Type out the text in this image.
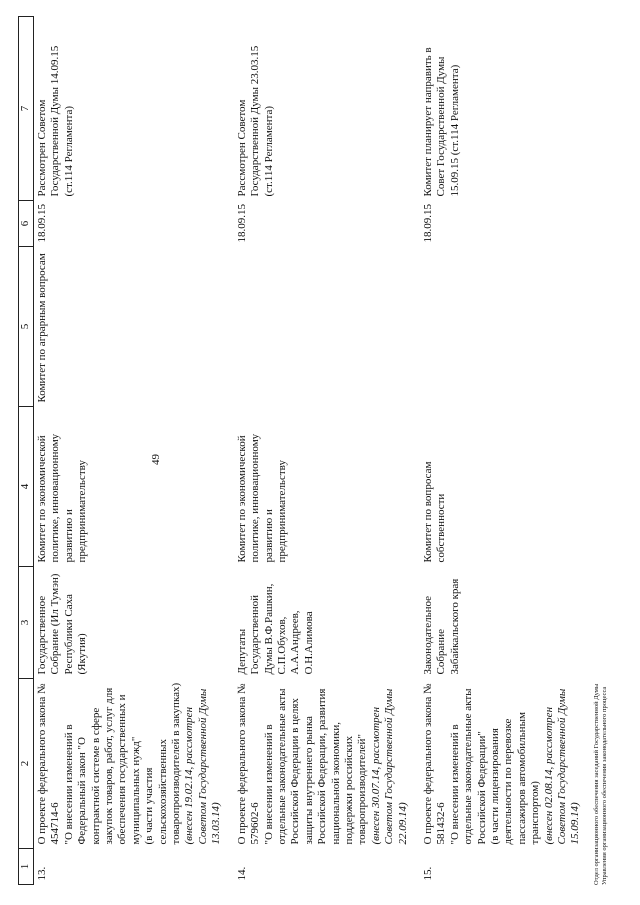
49
1	2	3	4	5	6	7
13.	О проекте федерального закона № 454714-6 "О внесении изменений в Федеральный закон "О контрактной системе в сфере закупок товаров, работ, услуг для обеспечения государственных и муниципальных нужд" (в части участия сельскохозяйственных товаропроизводителей в закупках) (внесен 19.02.14, рассмотрен Советом Государственной Думы 13.03.14)	Государственное Собрание (Ил Тумэн) Республики Саха (Якутия)	Комитет по экономической политике, инновационному развитию и предпринимательству	Комитет по аграрным вопросам	18.09.15	Рассмотрен Советом Государственной Думы 14.09.15 (ст.114 Регламента)
14.	О проекте федерального закона № 579602-6 "О внесении изменений в отдельные законодательные акты Российской Федерации в целях защиты внутреннего рынка Российской Федерации, развития национальной экономики, поддержки российских товаропроизводителей" (внесен 30.07.14, рассмотрен Советом Государственной Думы 22.09.14)	Депутаты Государственной Думы В.Ф.Рашкин, С.П.Обухов, А.А.Андреев, О.Н.Алимова	Комитет по экономической политике, инновационному развитию и предпринимательству		18.09.15	Рассмотрен Советом Государственной Думы 23.03.15 (ст.114 Регламента)
15.	О проекте федерального закона № 581432-6 "О внесении изменений в отдельные законодательные акты Российской Федерации" (в части лицензирования деятельности по перевозке пассажиров автомобильным транспортом) (внесен 02.08.14, рассмотрен Советом Государственной Думы 15.09.14)	Законодательное Собрание Забайкальского края	Комитет по вопросам собственности		18.09.15	Комитет планирует направить в Совет Государственной Думы 15.09.15 (ст.114 Регламента)
Отдел организационного обеспечения заседаний Государственной Думы Управления организационного обеспечения законодательного процесса
